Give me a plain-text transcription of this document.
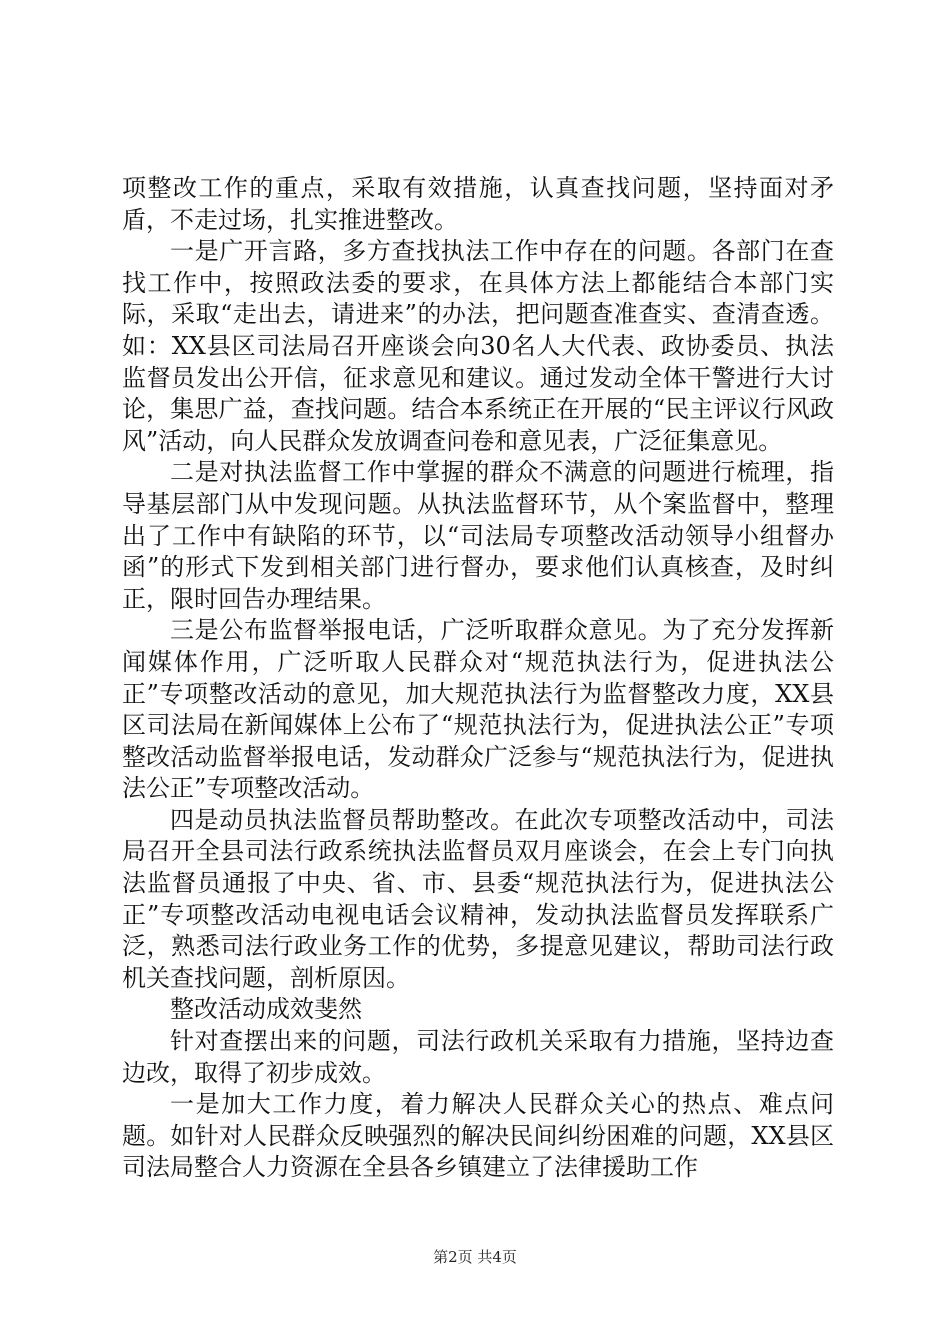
项整改工作的重点，采取有效措施，认真查找问题，坚持面对矛盾，不走过场，扎实推进整改。

一是广开言路，多方查找执法工作中存在的问题。各部门在查找工作中，按照政法委的要求，在具体方法上都能结合本部门实际，采取“走出去，请进来”的办法，把问题查准查实、查清查透。如：XX县区司法局召开座谈会向30名人大代表、政协委员、执法监督员发出公开信，征求意见和建议。通过发动全体干警进行大讨论，集思广益，查找问题。结合本系统正在开展的“民主评议行风政风”活动，向人民群众发放调查问卷和意见表，广泛征集意见。

二是对执法监督工作中掌握的群众不满意的问题进行梳理，指导基层部门从中发现问题。从执法监督环节，从个案监督中，整理出了工作中有缺陷的环节，以“司法局专项整改活动领导小组督办函”的形式下发到相关部门进行督办，要求他们认真核查，及时纠正，限时回告办理结果。

三是公布监督举报电话，广泛听取群众意见。为了充分发挥新闻媒体作用，广泛听取人民群众对“规范执法行为，促进执法公正”专项整改活动的意见，加大规范执法行为监督整改力度，XX县区司法局在新闻媒体上公布了“规范执法行为，促进执法公正”专项整改活动监督举报电话，发动群众广泛参与“规范执法行为，促进执法公正”专项整改活动。

四是动员执法监督员帮助整改。在此次专项整改活动中，司法局召开全县司法行政系统执法监督员双月座谈会，在会上专门向执法监督员通报了中央、省、市、县委“规范执法行为，促进执法公正”专项整改活动电视电话会议精神，发动执法监督员发挥联系广泛，熟悉司法行政业务工作的优势，多提意见建议，帮助司法行政机关查找问题，剖析原因。

整改活动成效斐然

针对查摆出来的问题，司法行政机关采取有力措施，坚持边查边改，取得了初步成效。

一是加大工作力度，着力解决人民群众关心的热点、难点问题。如针对人民群众反映强烈的解决民间纠纷困难的问题，XX县区司法局整合人力资源在全县各乡镇建立了法律援助工作

第2页 共4页
